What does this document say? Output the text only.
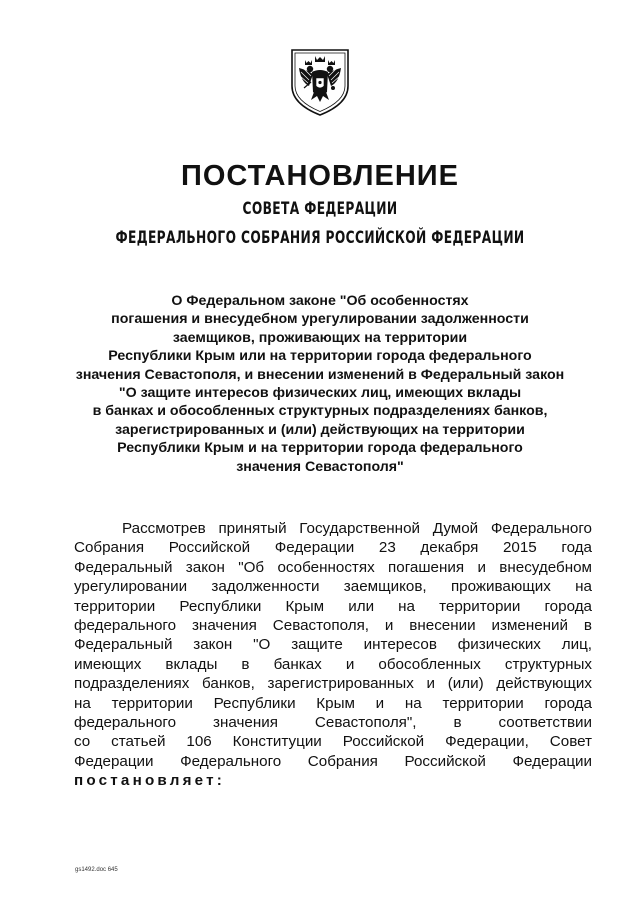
ПОСТАНОВЛЕНИЕ
СОВЕТА ФЕДЕРАЦИИ
ФЕДЕРАЛЬНОГО СОБРАНИЯ РОССИЙСКОЙ ФЕДЕРАЦИИ
О Федеральном законе "Об особенностях
погашения и внесудебном урегулировании задолженности
заемщиков, проживающих на территории
Республики Крым или на территории города федерального
значения Севастополя, и внесении изменений в Федеральный закон
"О защите интересов физических лиц, имеющих вклады
в банках и обособленных структурных подразделениях банков,
зарегистрированных и (или) действующих на территории
Республики Крым и на территории города федерального
значения Севастополя"
Рассмотрев принятый Государственной Думой Федерального
Собрания Российской Федерации 23 декабря 2015 года
Федеральный закон "Об особенностях погашения и внесудебном
урегулировании задолженности заемщиков, проживающих на
территории Республики Крым или на территории города
федерального значения Севастополя, и внесении изменений в
Федеральный закон "О защите интересов физических лиц,
имеющих вклады в банках и обособленных структурных
подразделениях банков, зарегистрированных и (или) действующих
на территории Республики Крым и на территории города
федерального значения Севастополя", в соответствии
со статьей 106 Конституции Российской Федерации, Совет
Федерации Федерального Собрания Российской Федерации
постановляет:
gs1492.doc 645
